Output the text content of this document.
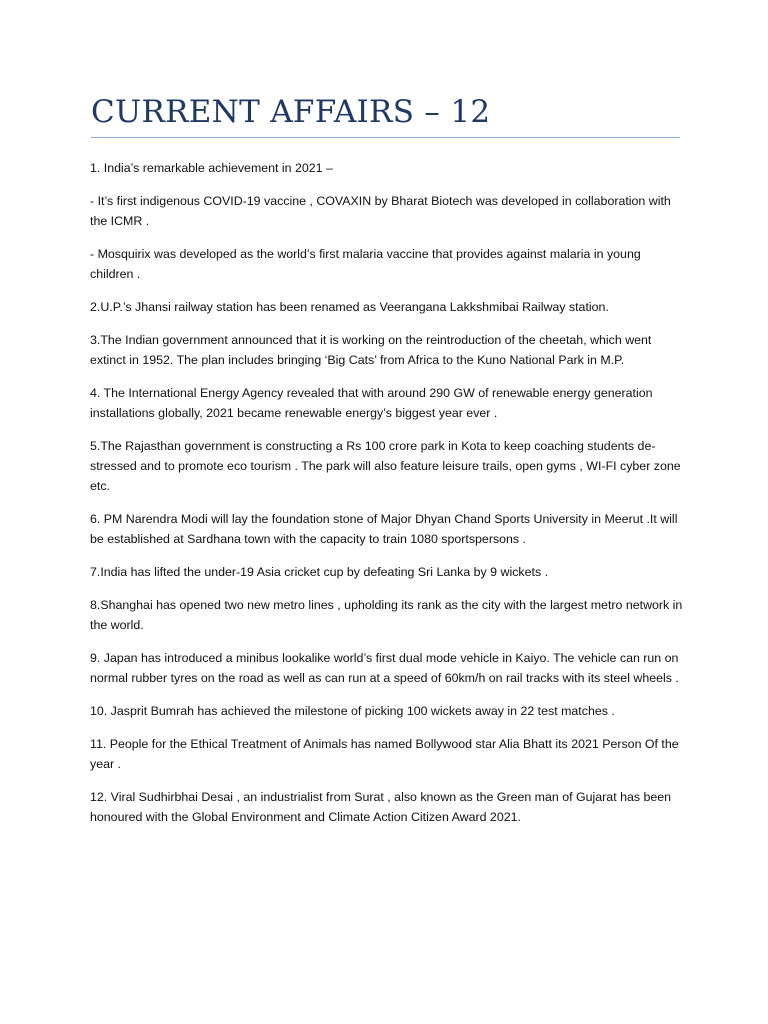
CURRENT AFFAIRS – 12

1. India’s remarkable achievement in 2021 –

- It’s first indigenous COVID-19 vaccine , COVAXIN by Bharat Biotech was developed in collaboration with the ICMR .

- Mosquirix was developed as the world’s first malaria vaccine that provides against malaria in young children .

2.U.P.’s Jhansi railway station has been renamed as Veerangana Lakkshmibai Railway station.

3.The Indian government announced that it is working on the reintroduction of the cheetah, which went extinct in 1952. The plan includes bringing ‘Big Cats’ from Africa to the Kuno National Park in M.P.

4. The International Energy Agency revealed that with around 290 GW of renewable energy generation installations globally, 2021 became renewable energy’s biggest year ever .

5.The Rajasthan government is constructing a Rs 100 crore park in Kota to keep coaching students de-stressed and to promote eco tourism . The park will also feature leisure trails, open gyms , WI-FI cyber zone etc.

6. PM Narendra Modi will lay the foundation stone of Major Dhyan Chand Sports University in Meerut .It will be established at Sardhana town with the capacity to train 1080 sportspersons .

7.India has lifted the under-19 Asia cricket cup by defeating Sri Lanka by 9 wickets .

8.Shanghai has opened two new metro lines , upholding its rank as the city with the largest metro network in the world.

9. Japan has introduced a minibus lookalike world’s first dual mode vehicle in Kaiyo. The vehicle can run on normal rubber tyres on the road as well as can run at a speed of 60km/h on rail tracks with its steel wheels .

10. Jasprit Bumrah has achieved the milestone of picking 100 wickets away in 22 test matches .

11. People for the Ethical Treatment of Animals has named Bollywood star Alia Bhatt its 2021 Person Of the year .

12. Viral Sudhirbhai Desai , an industrialist from Surat , also known as the Green man of Gujarat has been honoured with the Global Environment and Climate Action Citizen Award 2021.
